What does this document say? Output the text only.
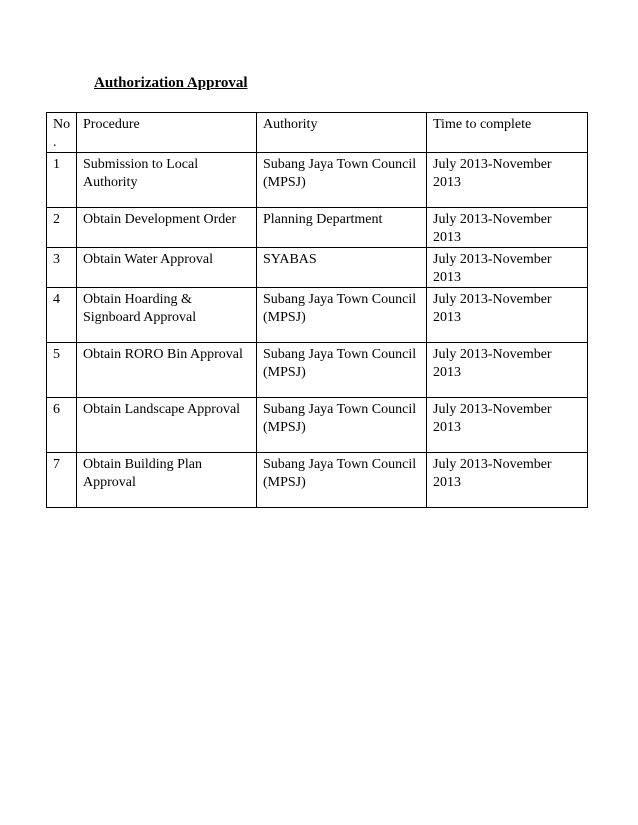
Authorization Approval
No .	Procedure	Authority	Time to complete
1	Submission to Local Authority	Subang Jaya Town Council (MPSJ)	July 2013-November 2013
2	Obtain Development Order	Planning Department	July 2013-November 2013
3	Obtain Water Approval	SYABAS	July 2013-November 2013
4	Obtain Hoarding & Signboard Approval	Subang Jaya Town Council (MPSJ)	July 2013-November 2013
5	Obtain RORO Bin Approval	Subang Jaya Town Council (MPSJ)	July 2013-November 2013
6	Obtain Landscape Approval	Subang Jaya Town Council (MPSJ)	July 2013-November 2013
7	Obtain Building Plan Approval	Subang Jaya Town Council (MPSJ)	July 2013-November 2013
